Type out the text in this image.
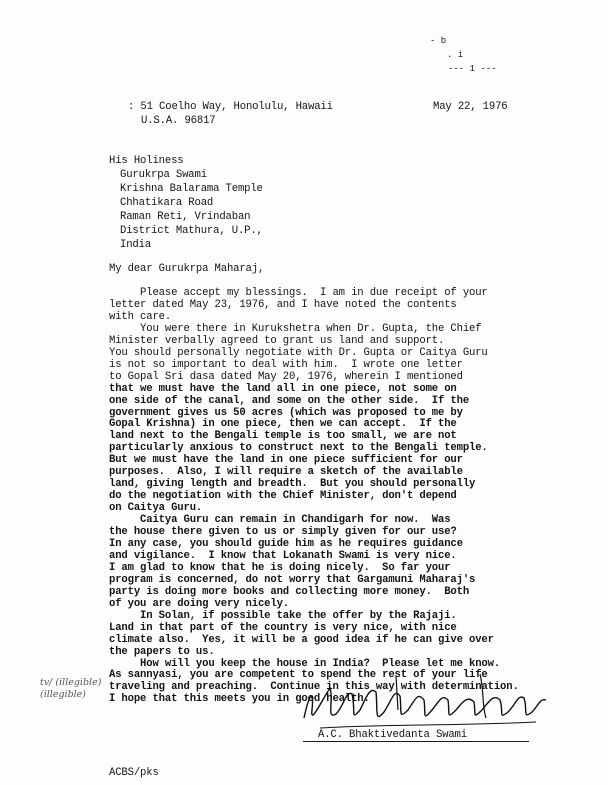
- b
. i
--- 1 ---
: 51 Coelho Way, Honolulu, Hawaii
U.S.A. 96817
May 22, 1976
His Holiness
Gurukrpa Swami
Krishna Balarama Temple
Chhatikara Road
Raman Reti, Vrindaban
District Mathura, U.P.,
India
My dear Gurukrpa Maharaj,
Please accept my blessings.  I am in due receipt of your
letter dated May 23, 1976, and I have noted the contents
with care.
You were there in Kurukshetra when Dr. Gupta, the Chief
Minister verbally agreed to grant us land and support.
You should personally negotiate with Dr. Gupta or Caitya Guru
is not so important to deal with him.  I wrote one letter
to Gopal Sri dasa dated May 20, 1976, wherein I mentioned
that we must have the land all in one piece, not some on
one side of the canal, and some on the other side.  If the
government gives us 50 acres (which was proposed to me by
Gopal Krishna) in one piece, then we can accept.  If the
land next to the Bengali temple is too small, we are not
particularly anxious to construct next to the Bengali temple.
But we must have the land in one piece sufficient for our
purposes.  Also, I will require a sketch of the available
land, giving length and breadth.  But you should personally
do the negotiation with the Chief Minister, don't depend
on Caitya Guru.
Caitya Guru can remain in Chandigarh for now.  Was
the house there given to us or simply given for our use?
In any case, you should guide him as he requires guidance
and vigilance.  I know that Lokanath Swami is very nice.
I am glad to know that he is doing nicely.  So far your
program is concerned, do not worry that Gargamuni Maharaj's
party is doing more books and collecting more money.  Both
of you are doing very nicely.
In Solan, if possible take the offer by the Rajaji.
Land in that part of the country is very nice, with nice
climate also.  Yes, it will be a good idea if he can give over
the papers to us.
How will you keep the house in India?  Please let me know.
As sannyasi, you are competent to spend the rest of your life
traveling and preaching.  Continue in this way with determination.
I hope that this meets you in good health.
A.C. Bhaktivedanta Swami
tv/ (illegible)
(illegible)
ACBS/pks
